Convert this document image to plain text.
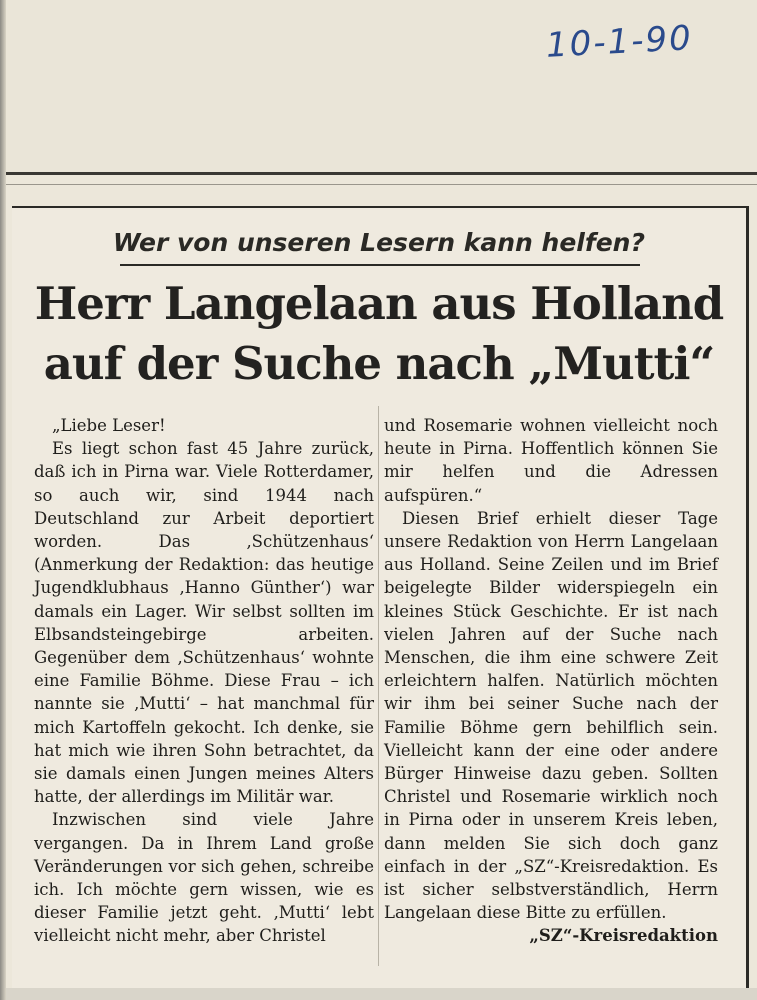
10-1-90
Wer von unseren Lesern kann helfen?
Herr Langelaan aus Holland
auf der Suche nach „Mutti“

„Liebe Leser!

Es liegt schon fast 45 Jahre zurück, daß ich in Pirna war. Viele Rotterdamer, so auch wir, sind 1944 nach Deutschland zur Arbeit deportiert worden. Das ‚Schützenhaus‘ (Anmerkung der Redaktion: das heutige Jugendklubhaus ‚Hanno Günther‘) war damals ein Lager. Wir selbst sollten im Elbsandsteingebirge arbeiten. Gegenüber dem ‚Schützenhaus‘ wohnte eine Familie Böhme. Diese Frau – ich nannte sie ‚Mutti‘ – hat manchmal für mich Kartoffeln gekocht. Ich denke, sie hat mich wie ihren Sohn betrachtet, da sie damals einen Jungen meines Alters hatte, der allerdings im Militär war.

Inzwischen sind viele Jahre vergangen. Da in Ihrem Land große Veränderungen vor sich gehen, schreibe ich. Ich möchte gern wissen, wie es dieser Familie jetzt geht. ‚Mutti‘ lebt vielleicht nicht mehr, aber Christel

und Rosemarie wohnen vielleicht noch heute in Pirna. Hoffentlich können Sie mir helfen und die Adressen aufspüren.“

Diesen Brief erhielt dieser Tage unsere Redaktion von Herrn Langelaan aus Holland. Seine Zeilen und im Brief beigelegte Bilder widerspiegeln ein kleines Stück Geschichte. Er ist nach vielen Jahren auf der Suche nach Menschen, die ihm eine schwere Zeit erleichtern halfen. Natürlich möchten wir ihm bei seiner Suche nach der Familie Böhme gern behilflich sein. Vielleicht kann der eine oder andere Bürger Hinweise dazu geben. Sollten Christel und Rosemarie wirklich noch in Pirna oder in unserem Kreis leben, dann melden Sie sich doch ganz einfach in der „SZ“-Kreisredaktion. Es ist sicher selbstverständlich, Herrn Langelaan diese Bitte zu erfüllen.

„SZ“-Kreisredaktion
